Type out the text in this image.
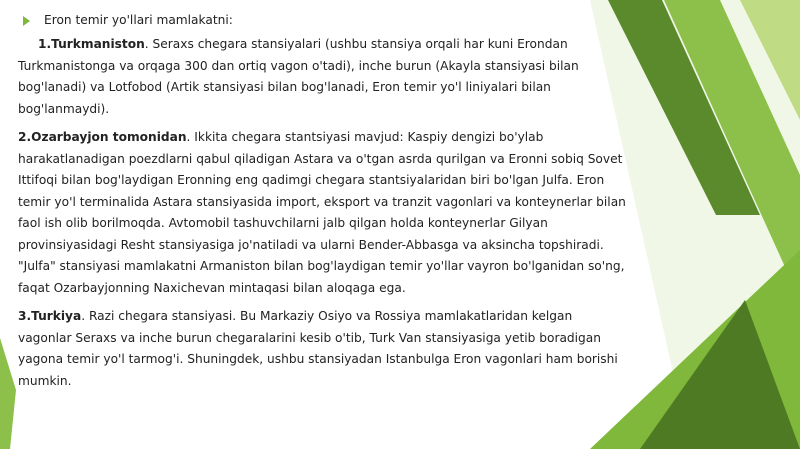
Eron temir yo'llari mamlakatni:

1.Turkmaniston. Seraxs chegara stansiyalari (ushbu stansiya orqali har kuni Erondan Turkmanistonga va orqaga 300 dan ortiq vagon o'tadi), inche burun (Akayla stansiyasi bilan bog'lanadi) va Lotfobod (Artik stansiyasi bilan bog'lanadi, Eron temir yo'l liniyalari bilan bog'lanmaydi).

2.Ozarbayjon tomonidan. Ikkita chegara stantsiyasi mavjud: Kaspiy dengizi bo'ylab harakatlanadigan poezdlarni qabul qiladigan Astara va o'tgan asrda qurilgan va Eronni sobiq Sovet Ittifoqi bilan bog'laydigan Eronning eng qadimgi chegara stantsiyalaridan biri bo'lgan Julfa. Eron temir yo'l terminalida Astara stansiyasida import, eksport va tranzit vagonlari va konteynerlar bilan faol ish olib borilmoqda. Avtomobil tashuvchilarni jalb qilgan holda konteynerlar Gilyan provinsiyasidagi Resht stansiyasiga jo'natiladi va ularni Bender-Abbasga va aksincha topshiradi. "Julfa" stansiyasi mamlakatni Armaniston bilan bog'laydigan temir yo'llar vayron bo'lganidan so'ng, faqat Ozarbayjonning Naxichevan mintaqasi bilan aloqaga ega.

3.Turkiya. Razi chegara stansiyasi. Bu Markaziy Osiyo va Rossiya mamlakatlaridan kelgan vagonlar Seraxs va inche burun chegaralarini kesib o'tib, Turk Van stansiyasiga yetib boradigan yagona temir yo'l tarmog'i. Shuningdek, ushbu stansiyadan Istanbulga Eron vagonlari ham borishi mumkin.
